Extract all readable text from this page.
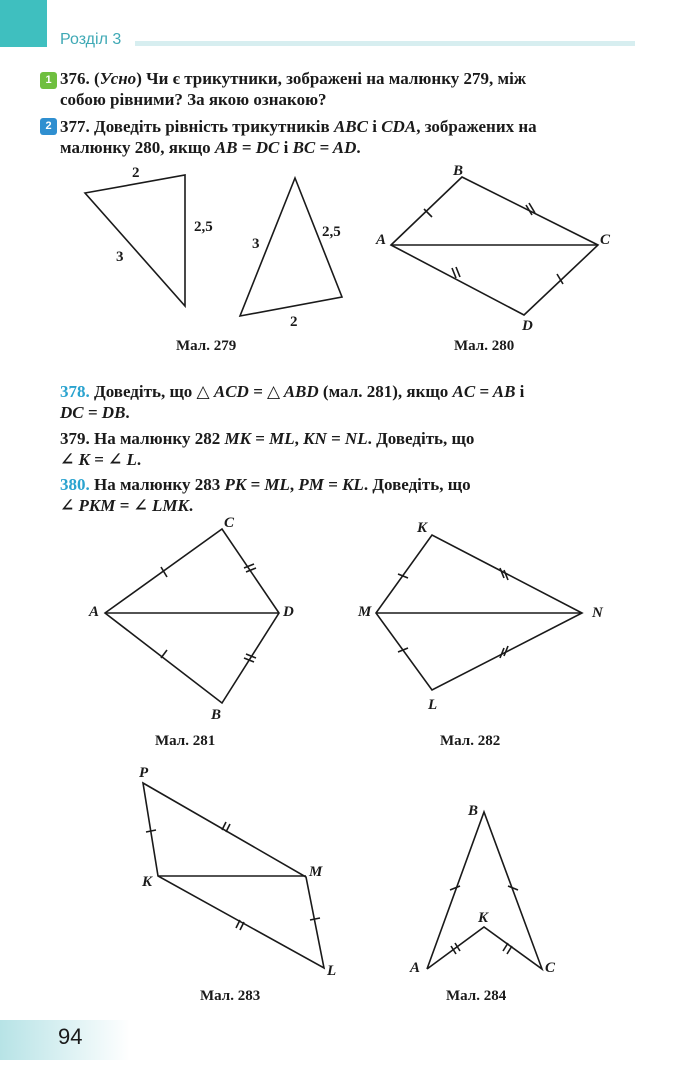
Розділ 3
1 376. (Усно) Чи є трикутники, зображені на малюнку 279, між
собою рівними? За якою ознакою?
2 377. Доведіть рівність трикутників ABC і CDA, зображених на
малюнку 280, якщо AB = DC і BC = AD.
2
2,5
3
3
2,5
2
B
A	C
D
Мал. 279	Мал. 280
378. Доведіть, що △ ACD = △ ABD (мал. 281), якщо AC = AB і
DC = DB.
379. На малюнку 282 MK = ML, KN = NL. Доведіть, що
∠ K = ∠ L.
380. На малюнку 283 PK = ML, PM = KL. Доведіть, що
∠ PKM = ∠ LMK.
C
A	D
B
K
M	N
L
Мал. 281	Мал. 282
P
K
M
L
B
K
A	C
Мал. 283	Мал. 284
94
